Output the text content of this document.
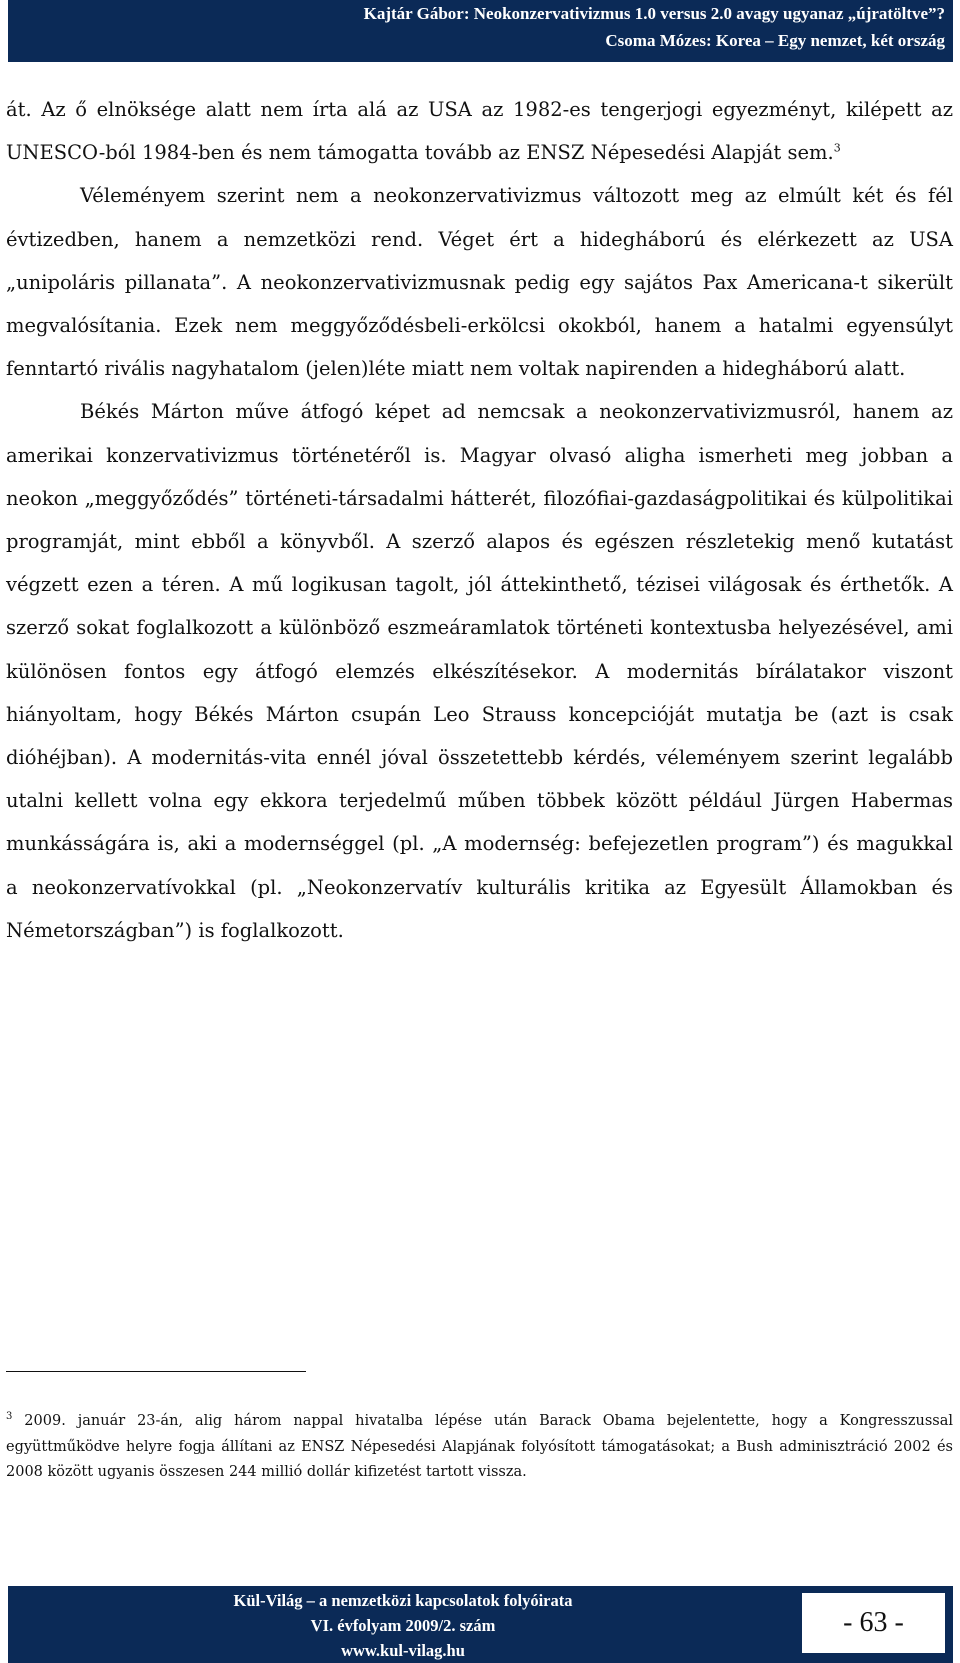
Kajtár Gábor: Neokonzervativizmus 1.0 versus 2.0 avagy ugyanaz „újratöltve”?
Csoma Mózes: Korea – Egy nemzet, két ország

át. Az ő elnöksége alatt nem írta alá az USA az 1982-es tengerjogi egyezményt, kilépett az UNESCO-ból 1984-ben és nem támogatta tovább az ENSZ Népesedési Alapját sem.$^3$

Véleményem szerint nem a neokonzervativizmus változott meg az elmúlt két és fél évtizedben, hanem a nemzetközi rend. Véget ért a hidegháború és elérkezett az USA „unipoláris pillanata”. A neokonzervativizmusnak pedig egy sajátos Pax Americana-t sikerült megvalósítania. Ezek nem meggyőződésbeli-erkölcsi okokból, hanem a hatalmi egyensúlyt fenntartó rivális nagyhatalom (jelen)léte miatt nem voltak napirenden a hidegháború alatt.

Békés Márton műve átfogó képet ad nemcsak a neokonzervativizmusról, hanem az amerikai konzervativizmus történetéről is. Magyar olvasó aligha ismerheti meg jobban a neokon „meggyőződés” történeti-társadalmi hátterét, filozófiai-gazdaságpolitikai és külpolitikai programját, mint ebből a könyvből. A szerző alapos és egészen részletekig menő kutatást végzett ezen a téren. A mű logikusan tagolt, jól áttekinthető, tézisei világosak és érthetők. A szerző sokat foglalkozott a különböző eszmeáramlatok történeti kontextusba helyezésével, ami különösen fontos egy átfogó elemzés elkészítésekor. A modernitás bírálatakor viszont hiányoltam, hogy Békés Márton csupán Leo Strauss koncepcióját mutatja be (azt is csak dióhéjban). A modernitás-vita ennél jóval összetettebb kérdés, véleményem szerint legalább utalni kellett volna egy ekkora terjedelmű műben többek között például Jürgen Habermas munkásságára is, aki a modernséggel (pl. „A modernség: befejezetlen program”) és magukkal a neokonzervatívokkal (pl. „Neokonzervatív kulturális kritika az Egyesült Államokban és Németországban”) is foglalkozott.

$^3$ 2009. január 23-án, alig három nappal hivatalba lépése után Barack Obama bejelentette, hogy a Kongresszussal együttműködve helyre fogja állítani az ENSZ Népesedési Alapjának folyósított támogatásokat; a Bush adminisztráció 2002 és 2008 között ugyanis összesen 244 millió dollár kifizetést tartott vissza.
Kül-Világ – a nemzetközi kapcsolatok folyóirata
VI. évfolyam 2009/2. szám
www.kul-vilag.hu
- 63 -
